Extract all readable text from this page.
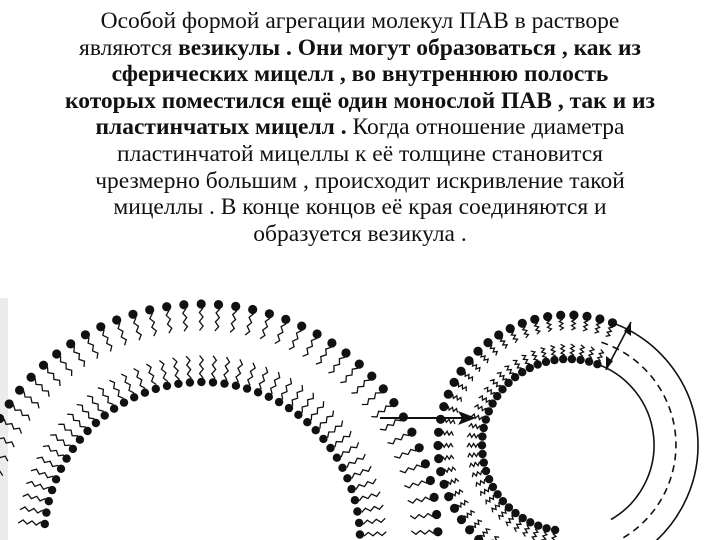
Особой формой агрегации молекул ПАВ в растворе
являются везикулы . Они могут образоваться , как из
сферических мицелл , во внутреннюю полость
которых поместился ещё один монослой ПАВ , так и из
пластинчатых мицелл . Когда отношение диаметра
пластинчатой мицеллы к её толщине становится
чрезмерно большим , происходит искривление такой
мицеллы . В конце концов её края соединяются и
образуется везикула .
